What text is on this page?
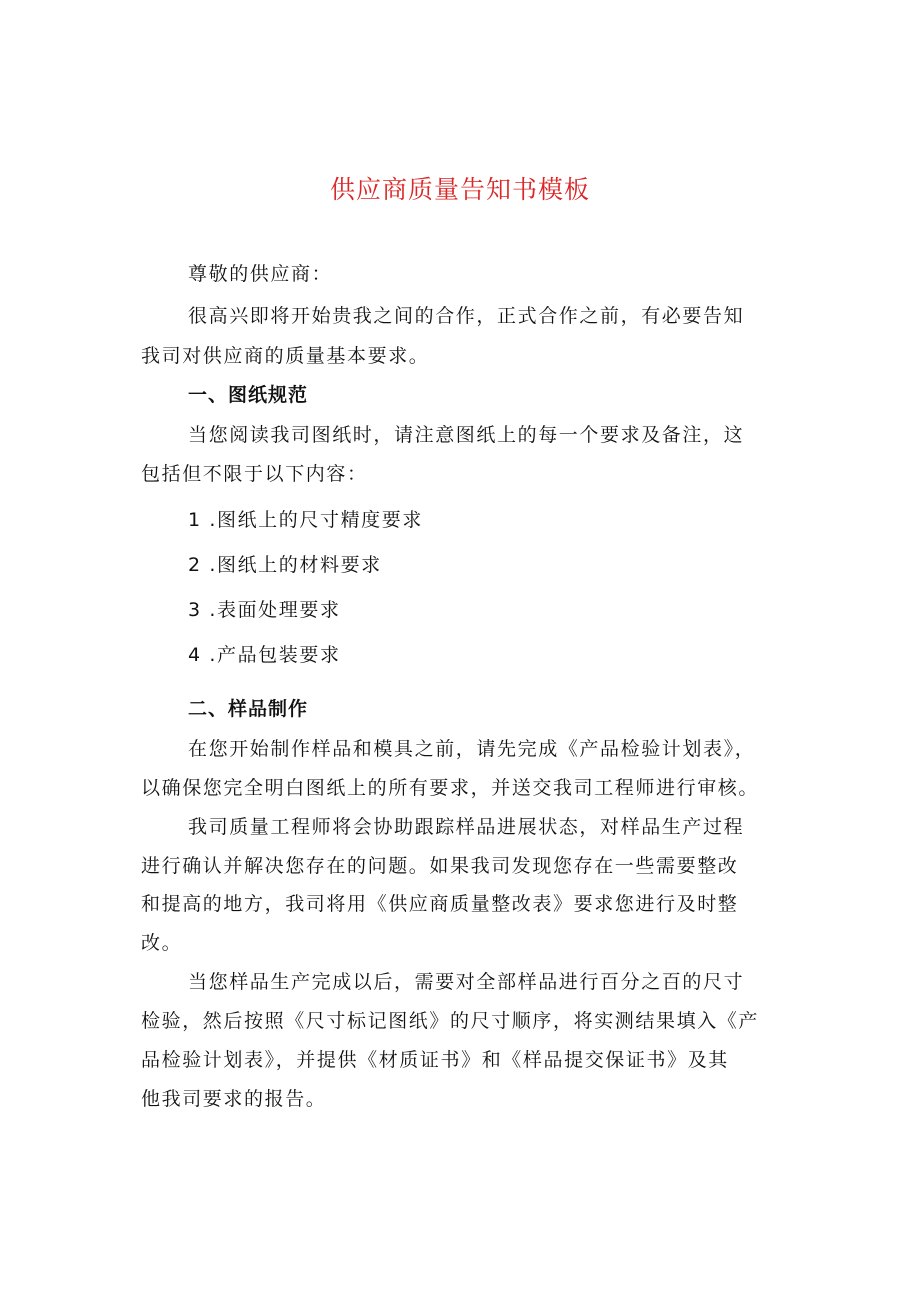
供应商质量告知书模板
尊敬的供应商：
很高兴即将开始贵我之间的合作，正式合作之前，有必要告知
我司对供应商的质量基本要求。
一、图纸规范
当您阅读我司图纸时，请注意图纸上的每一个要求及备注，这
包括但不限于以下内容：
1 .图纸上的尺寸精度要求
2 .图纸上的材料要求
3 .表面处理要求
4 .产品包装要求
二、样品制作
在您开始制作样品和模具之前，请先完成《产品检验计划表》，
以确保您完全明白图纸上的所有要求，并送交我司工程师进行审核。
我司质量工程师将会协助跟踪样品进展状态，对样品生产过程
进行确认并解决您存在的问题。如果我司发现您存在一些需要整改
和提高的地方，我司将用《供应商质量整改表》要求您进行及时整
改。
当您样品生产完成以后，需要对全部样品进行百分之百的尺寸
检验，然后按照《尺寸标记图纸》的尺寸顺序，将实测结果填入《产
品检验计划表》，并提供《材质证书》和《样品提交保证书》及其
他我司要求的报告。
